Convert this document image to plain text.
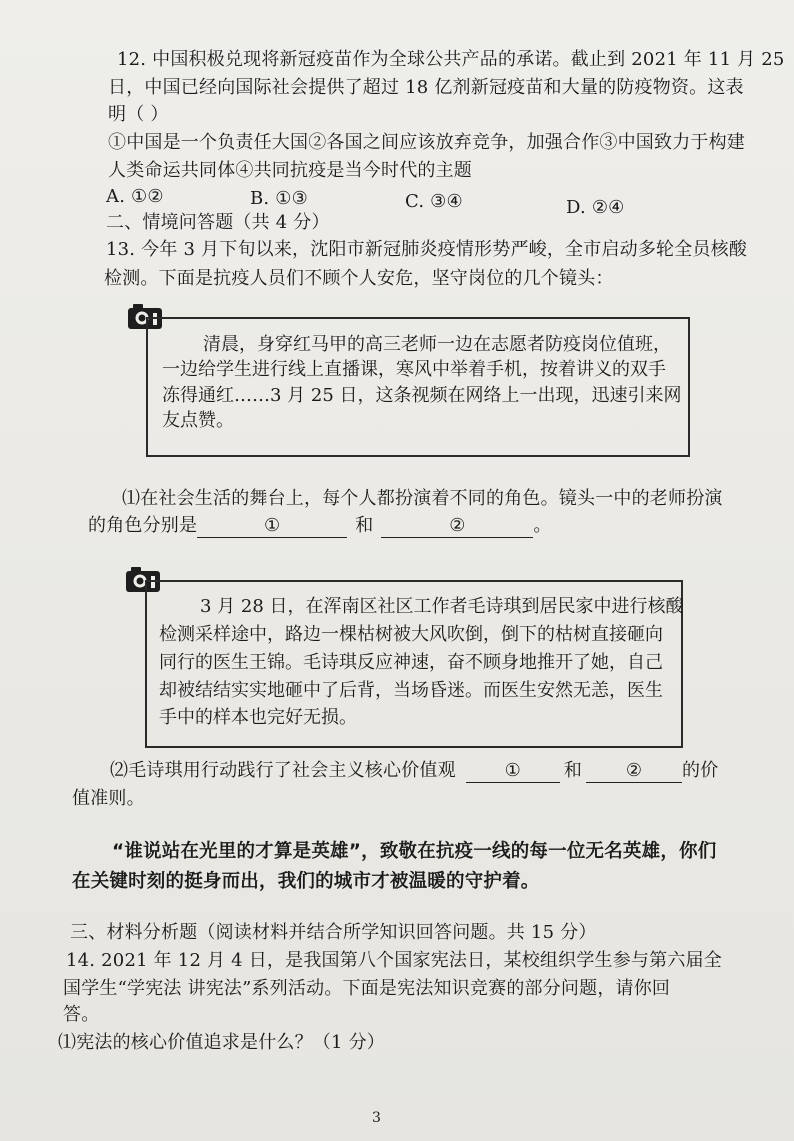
12. 中国积极兑现将新冠疫苗作为全球公共产品的承诺。截止到 2021 年 11 月 25
日，中国已经向国际社会提供了超过 18 亿剂新冠疫苗和大量的防疫物资。这表
明（ ）
①中国是一个负责任大国②各国之间应该放弃竞争，加强合作③中国致力于构建
人类命运共同体④共同抗疫是当今时代的主题
A. ①②	B. ①③	C. ③④	D. ②④
二、情境问答题（共 4 分）
13. 今年 3 月下旬以来，沈阳市新冠肺炎疫情形势严峻，全市启动多轮全员核酸
检测。下面是抗疫人员们不顾个人安危，坚守岗位的几个镜头：
清晨，身穿红马甲的高三老师一边在志愿者防疫岗位值班，
一边给学生进行线上直播课，寒风中举着手机，按着讲义的双手
冻得通红……3 月 25 日，这条视频在网络上一出现，迅速引来网
友点赞。
⑴在社会生活的舞台上，每个人都扮演着不同的角色。镜头一中的老师扮演
的角色分别是	①	和	②	。
3 月 28 日，在浑南区社区工作者毛诗琪到居民家中进行核酸
检测采样途中，路边一棵枯树被大风吹倒，倒下的枯树直接砸向
同行的医生王锦。毛诗琪反应神速，奋不顾身地推开了她，自己
却被结结实实地砸中了后背，当场昏迷。而医生安然无恙，医生
手中的样本也完好无损。
⑵毛诗琪用行动践行了社会主义核心价值观	① 和 ② 的价
值准则。
“谁说站在光里的才算是英雄”，致敬在抗疫一线的每一位无名英雄，你们
在关键时刻的挺身而出，我们的城市才被温暖的守护着。
三、材料分析题（阅读材料并结合所学知识回答问题。共 15 分）
14. 2021 年 12 月 4 日，是我国第八个国家宪法日，某校组织学生参与第六届全
国学生“学宪法 讲宪法”系列活动。下面是宪法知识竞赛的部分问题，请你回
答。
⑴宪法的核心价值追求是什么？（1 分）
3
